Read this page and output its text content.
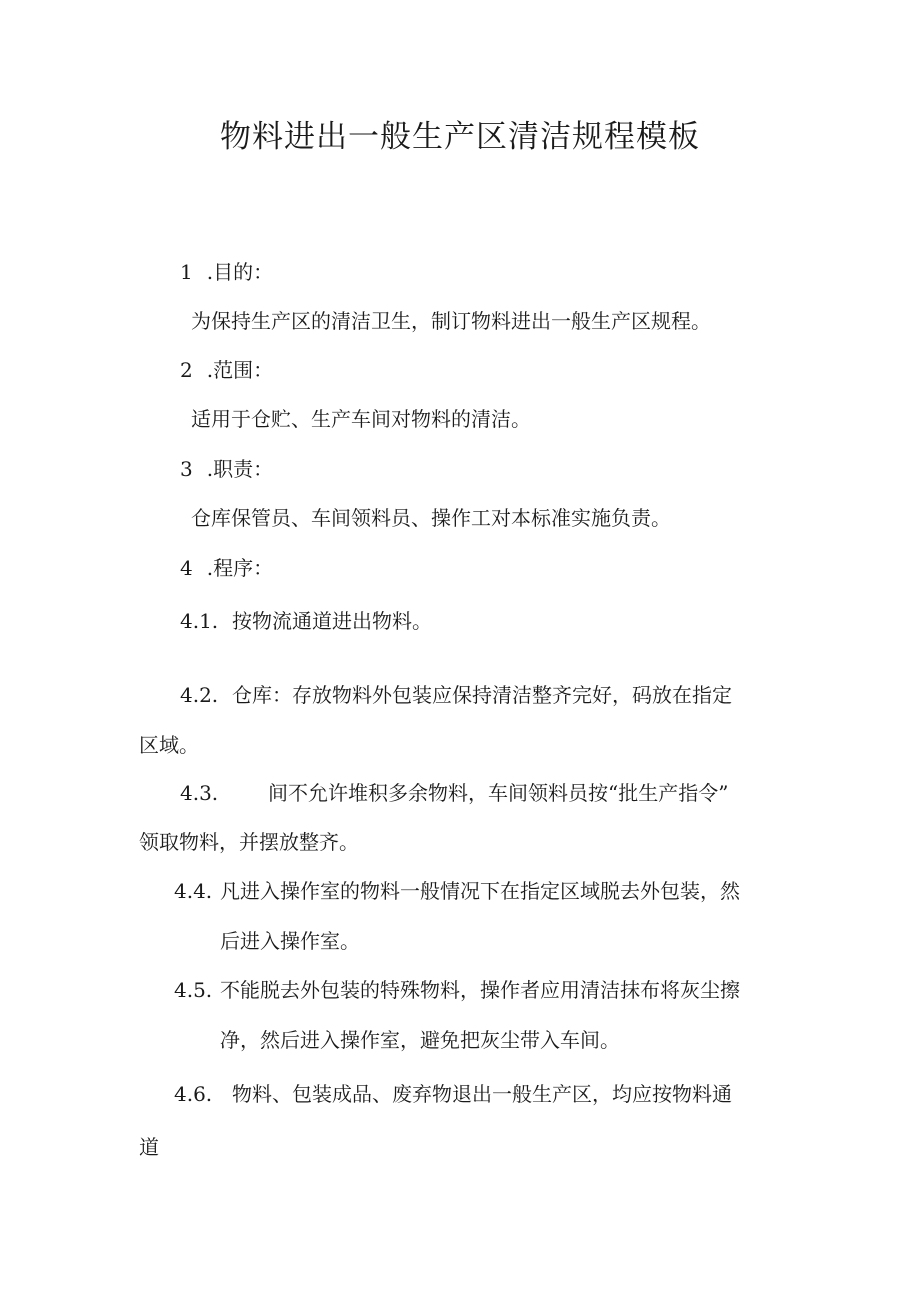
物料进出一般生产区清洁规程模板
1 .目的：
为保持生产区的清洁卫生，制订物料进出一般生产区规程。
2 .范围：
适用于仓贮、生产车间对物料的清洁。
3 .职责：
仓库保管员、车间领料员、操作工对本标准实施负责。
4 .程序：
4.1. 按物流通道进出物料。
4.2. 仓库：存放物料外包装应保持清洁整齐完好，码放在指定
区域。
4.3. 间不允许堆积多余物料，车间领料员按“批生产指令”
领取物料，并摆放整齐。
4.4. 凡进入操作室的物料一般情况下在指定区域脱去外包装，然
后进入操作室。
4.5. 不能脱去外包装的特殊物料，操作者应用清洁抹布将灰尘擦
净，然后进入操作室，避免把灰尘带入车间。
4.6. 物料、包装成品、废弃物退出一般生产区，均应按物料通
道
